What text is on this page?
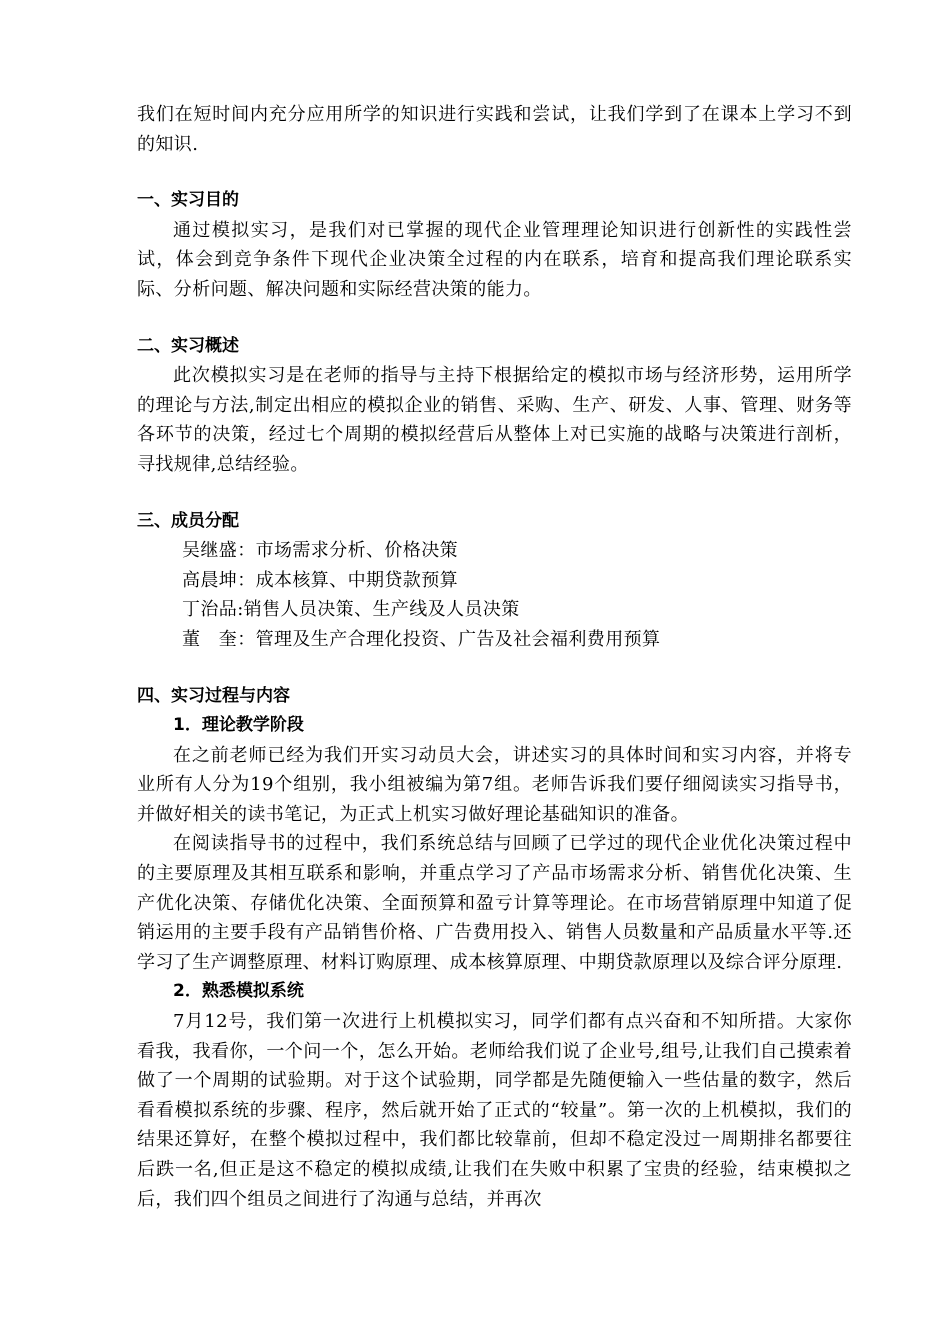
我们在短时间内充分应用所学的知识进行实践和尝试，让我们学到了在课本上学习不到的知识.

一、实习目的

通过模拟实习，是我们对已掌握的现代企业管理理论知识进行创新性的实践性尝试，体会到竞争条件下现代企业决策全过程的内在联系，培育和提高我们理论联系实际、分析问题、解决问题和实际经营决策的能力。

二、实习概述

此次模拟实习是在老师的指导与主持下根据给定的模拟市场与经济形势，运用所学的理论与方法,制定出相应的模拟企业的销售、采购、生产、研发、人事、管理、财务等各环节的决策，经过七个周期的模拟经营后从整体上对已实施的战略与决策进行剖析，寻找规律,总结经验。

三、成员分配

吴继盛：市场需求分析、价格决策

高晨坤：成本核算、中期贷款预算

丁治品:销售人员决策、生产线及人员决策

董　奎：管理及生产合理化投资、广告及社会福利费用预算

四、实习过程与内容

1．理论教学阶段

在之前老师已经为我们开实习动员大会，讲述实习的具体时间和实习内容，并将专业所有人分为19个组别，我小组被编为第7组。老师告诉我们要仔细阅读实习指导书，并做好相关的读书笔记，为正式上机实习做好理论基础知识的准备。

在阅读指导书的过程中，我们系统总结与回顾了已学过的现代企业优化决策过程中的主要原理及其相互联系和影响，并重点学习了产品市场需求分析、销售优化决策、生产优化决策、存储优化决策、全面预算和盈亏计算等理论。在市场营销原理中知道了促销运用的主要手段有产品销售价格、广告费用投入、销售人员数量和产品质量水平等.还学习了生产调整原理、材料订购原理、成本核算原理、中期贷款原理以及综合评分原理.

2．熟悉模拟系统

7月12号，我们第一次进行上机模拟实习，同学们都有点兴奋和不知所措。大家你看我，我看你，一个问一个，怎么开始。老师给我们说了企业号,组号,让我们自己摸索着做了一个周期的试验期。对于这个试验期，同学都是先随便输入一些估量的数字，然后看看模拟系统的步骤、程序，然后就开始了正式的“较量”。第一次的上机模拟，我们的结果还算好，在整个模拟过程中，我们都比较靠前，但却不稳定没过一周期排名都要往后跌一名,但正是这不稳定的模拟成绩,让我们在失败中积累了宝贵的经验，结束模拟之后，我们四个组员之间进行了沟通与总结，并再次
